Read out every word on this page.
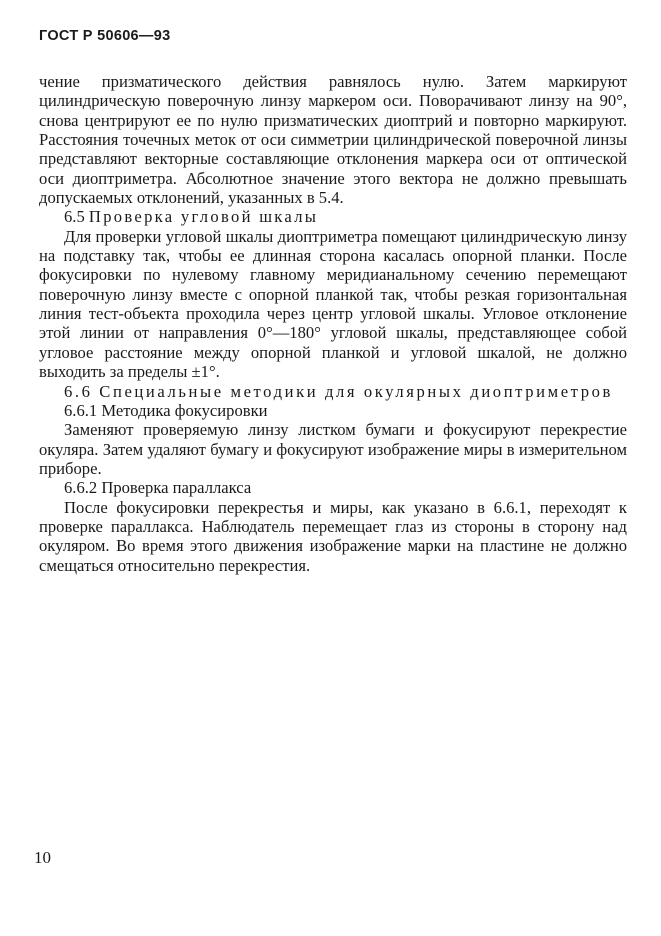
ГОСТ Р 50606—93

чение призматического действия равнялось нулю. Затем маркируют цилиндрическую поверочную линзу маркером оси. Поворачивают линзу на 90°, снова центрируют ее по нулю призматических диоптрий и повторно маркируют. Расстояния точечных меток от оси симметрии цилиндрической поверочной линзы представляют векторные составляющие отклонения маркера оси от оптической оси диоптриметра. Абсолютное значение этого вектора не должно превышать допускаемых отклонений, указанных в 5.4.

6.5 Проверка угловой шкалы

Для проверки угловой шкалы диоптриметра помещают цилиндрическую линзу на подставку так, чтобы ее длинная сторона касалась опорной планки. После фокусировки по нулевому главному меридианальному сечению перемещают поверочную линзу вместе с опорной планкой так, чтобы резкая горизонтальная линия тест-объекта проходила через центр угловой шкалы. Угловое отклонение этой линии от направления 0°—180° угловой шкалы, представляющее собой угловое расстояние между опорной планкой и угловой шкалой, не должно выходить за пределы ±1°.

6.6 Специальные методики для окулярных диоптриметров
6.6.1 Методика фокусировки

Заменяют проверяемую линзу листком бумаги и фокусируют перекрестие окуляра. Затем удаляют бумагу и фокусируют изображение миры в измерительном приборе.

6.6.2 Проверка параллакса

После фокусировки перекрестья и миры, как указано в 6.6.1, переходят к проверке параллакса. Наблюдатель перемещает глаз из стороны в сторону над окуляром. Во время этого движения изображение марки на пластине не должно смещаться относительно перекрестия.

10
